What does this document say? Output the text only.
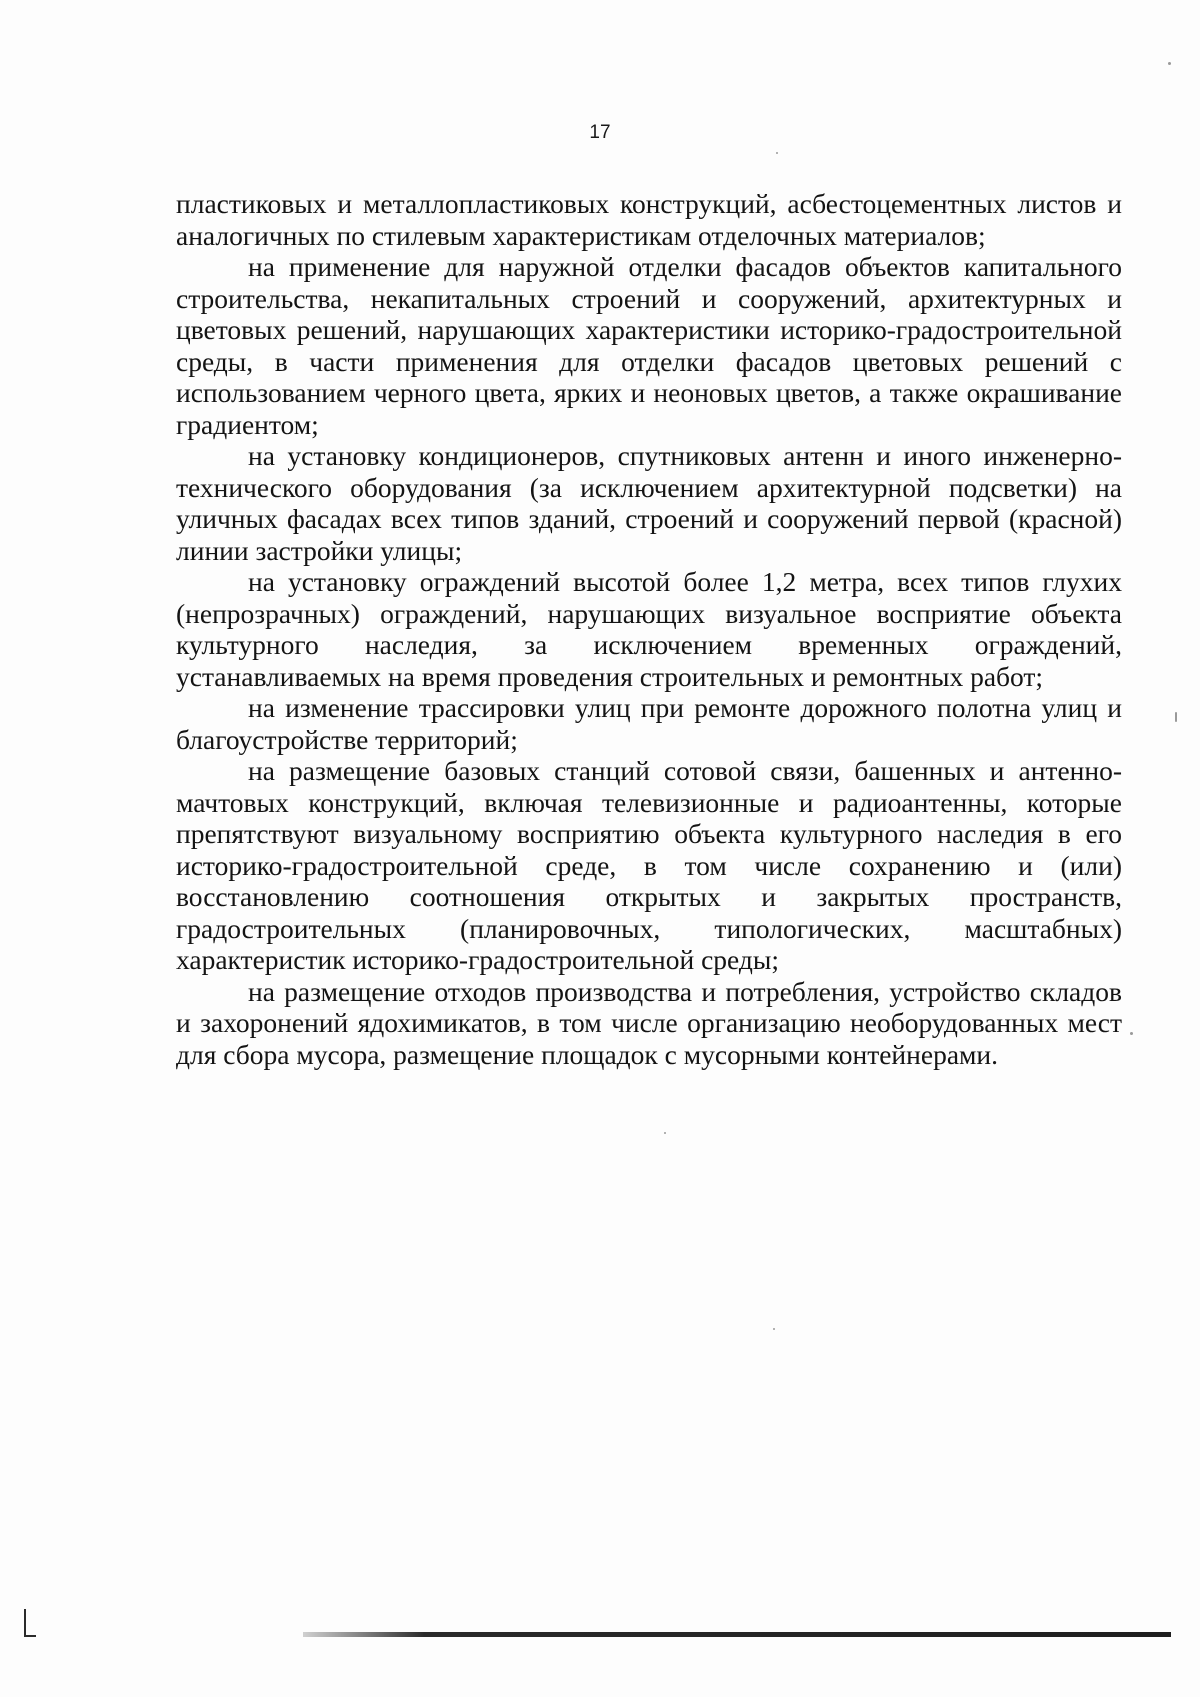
17

пластиковых и металлопластиковых конструкций, асбестоцементных листов и аналогичных по стилевым характеристикам отделочных материалов;

на применение для наружной отделки фасадов объектов капитального строительства, некапитальных строений и сооружений, архитектурных и цветовых решений, нарушающих характеристики историко-градостроительной среды, в части применения для отделки фасадов цветовых решений с использованием черного цвета, ярких и неоновых цветов, а также окрашивание градиентом;

на установку кондиционеров, спутниковых антенн и иного инженерно-технического оборудования (за исключением архитектурной подсветки) на уличных фасадах всех типов зданий, строений и сооружений первой (красной) линии застройки улицы;

на установку ограждений высотой более 1,2 метра, всех типов глухих (непрозрачных) ограждений, нарушающих визуальное восприятие объекта культурного наследия, за исключением временных ограждений, устанавливаемых на время проведения строительных и ремонтных работ;

на изменение трассировки улиц при ремонте дорожного полотна улиц и благоустройстве территорий;

на размещение базовых станций сотовой связи, башенных и антенно-мачтовых конструкций, включая телевизионные и радиоантенны, которые препятствуют визуальному восприятию объекта культурного наследия в его историко-градостроительной среде, в том числе сохранению и (или) восстановлению соотношения открытых и закрытых пространств, градостроительных (планировочных, типологических, масштабных) характеристик историко-градостроительной среды;

на размещение отходов производства и потребления, устройство складов и захоронений ядохимикатов, в том числе организацию необорудованных мест для сбора мусора, размещение площадок с мусорными контейнерами.
